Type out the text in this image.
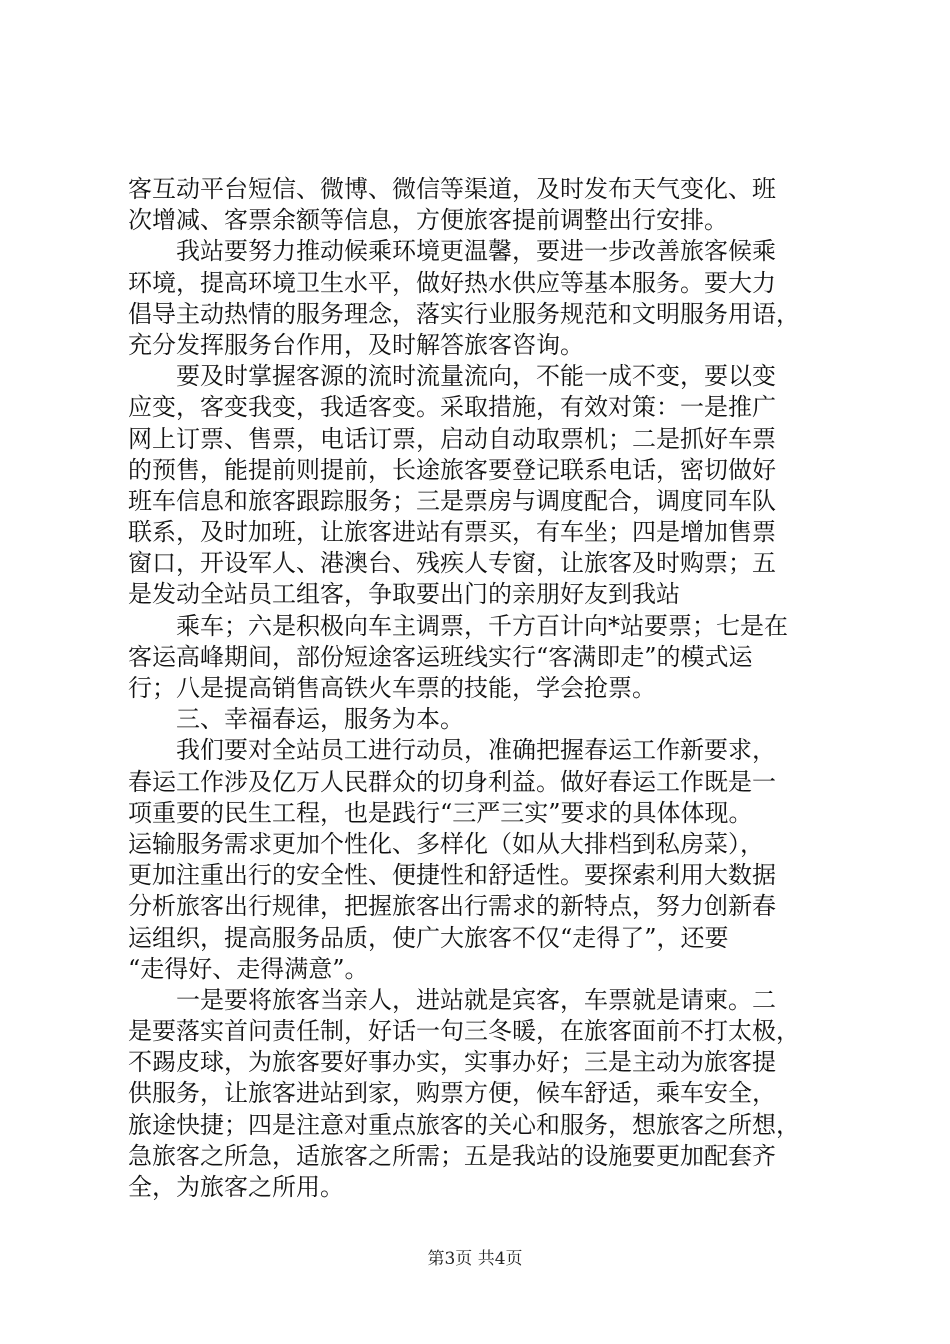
客互动平台短信、微博、微信等渠道，及时发布天气变化、班
次增减、客票余额等信息，方便旅客提前调整出行安排。
　　我站要努力推动候乘环境更温馨，要进一步改善旅客候乘
环境，提高环境卫生水平，做好热水供应等基本服务。要大力
倡导主动热情的服务理念，落实行业服务规范和文明服务用语，
充分发挥服务台作用，及时解答旅客咨询。
　　要及时掌握客源的流时流量流向，不能一成不变，要以变
应变，客变我变，我适客变。采取措施，有效对策：一是推广
网上订票、售票，电话订票，启动自动取票机；二是抓好车票
的预售，能提前则提前，长途旅客要登记联系电话，密切做好
班车信息和旅客跟踪服务；三是票房与调度配合，调度同车队
联系，及时加班，让旅客进站有票买，有车坐；四是增加售票
窗口，开设军人、港澳台、残疾人专窗，让旅客及时购票；五
是发动全站员工组客，争取要出门的亲朋好友到我站
　　乘车；六是积极向车主调票，千方百计向*站要票；七是在
客运高峰期间，部份短途客运班线实行“客满即走”的模式运
行；八是提高销售高铁火车票的技能，学会抢票。
　　三、幸福春运，服务为本。
　　我们要对全站员工进行动员，准确把握春运工作新要求，
春运工作涉及亿万人民群众的切身利益。做好春运工作既是一
项重要的民生工程，也是践行“三严三实”要求的具体体现。
运输服务需求更加个性化、多样化（如从大排档到私房菜），
更加注重出行的安全性、便捷性和舒适性。要探索利用大数据
分析旅客出行规律，把握旅客出行需求的新特点，努力创新春
运组织，提高服务品质，使广大旅客不仅“走得了”，还要
“走得好、走得满意”。
　　一是要将旅客当亲人，进站就是宾客，车票就是请柬。二
是要落实首问责任制，好话一句三冬暖，在旅客面前不打太极，
不踢皮球，为旅客要好事办实，实事办好；三是主动为旅客提
供服务，让旅客进站到家，购票方便，候车舒适，乘车安全，
旅途快捷；四是注意对重点旅客的关心和服务，想旅客之所想，
急旅客之所急，适旅客之所需；五是我站的设施要更加配套齐
全，为旅客之所用。
第3页 共4页
